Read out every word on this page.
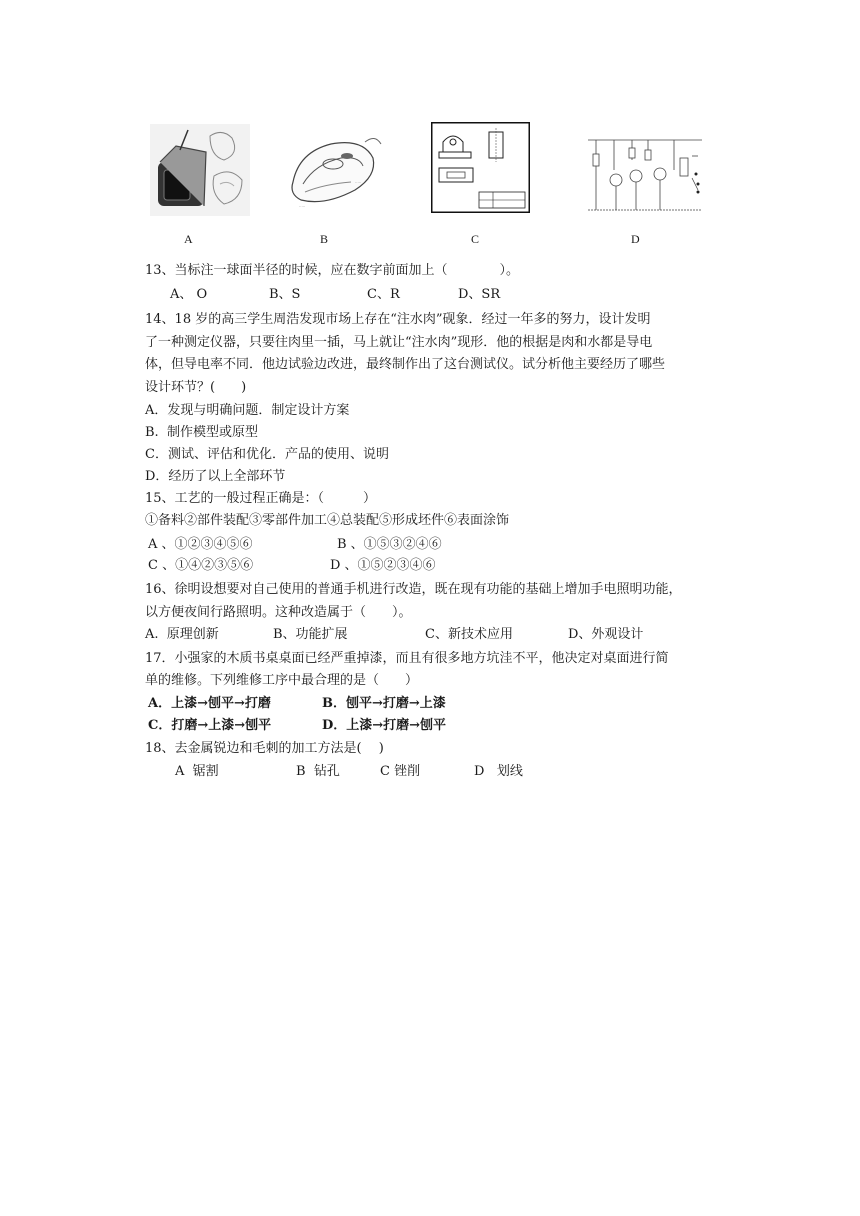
A
·····
·····
B	C	D
13、当标注一球面半径的时候，应在数字前面加上（　　　　）。
A、 O	B、S	C、R	D、SR
14、18 岁的高三学生周浩发现市场上存在“注水肉”砚象．经过一年多的努力，设计发明
了一种测定仪器，只要往肉里一插，马上就让“注水肉”现形．他的根据是肉和水都是导电
体，但导电率不同．他边试验边改进，最终制作出了这台测试仪。试分析他主要经历了哪些
设计环节？(　　)
A．发现与明确问题．制定设计方案
B.  制作模型或原型
C．测试、评估和优化．产品的使用、说明
D．经历了以上全部环节
15、工艺的一般过程正确是：（　　　）
①备料②部件装配③零部件加工④总装配⑤形成坯件⑥表面涂饰
A 、①②③④⑤⑥	B 、①⑤③②④⑥
C 、①④②③⑤⑥	D 、①⑤②③④⑥
16、徐明设想要对自己使用的普通手机进行改造，既在现有功能的基础上增加手电照明功能，
以方便夜间行路照明。这种改造属于（　　）。
A.  原理创新	B、功能扩展	C、新技术应用	D、外观设计
17．小强家的木质书桌桌面已经严重掉漆，而且有很多地方坑洼不平，他决定对桌面进行简
单的维修。下列维修工序中最合理的是（　　）
A．上漆→刨平→打磨	B．刨平→打磨→上漆
C．打磨→上漆→刨平	D．上漆→打磨→刨平
18、去金属锐边和毛刺的加工方法是(　 )
A  锯割	B  钻孔	C 锉削	D   划线
